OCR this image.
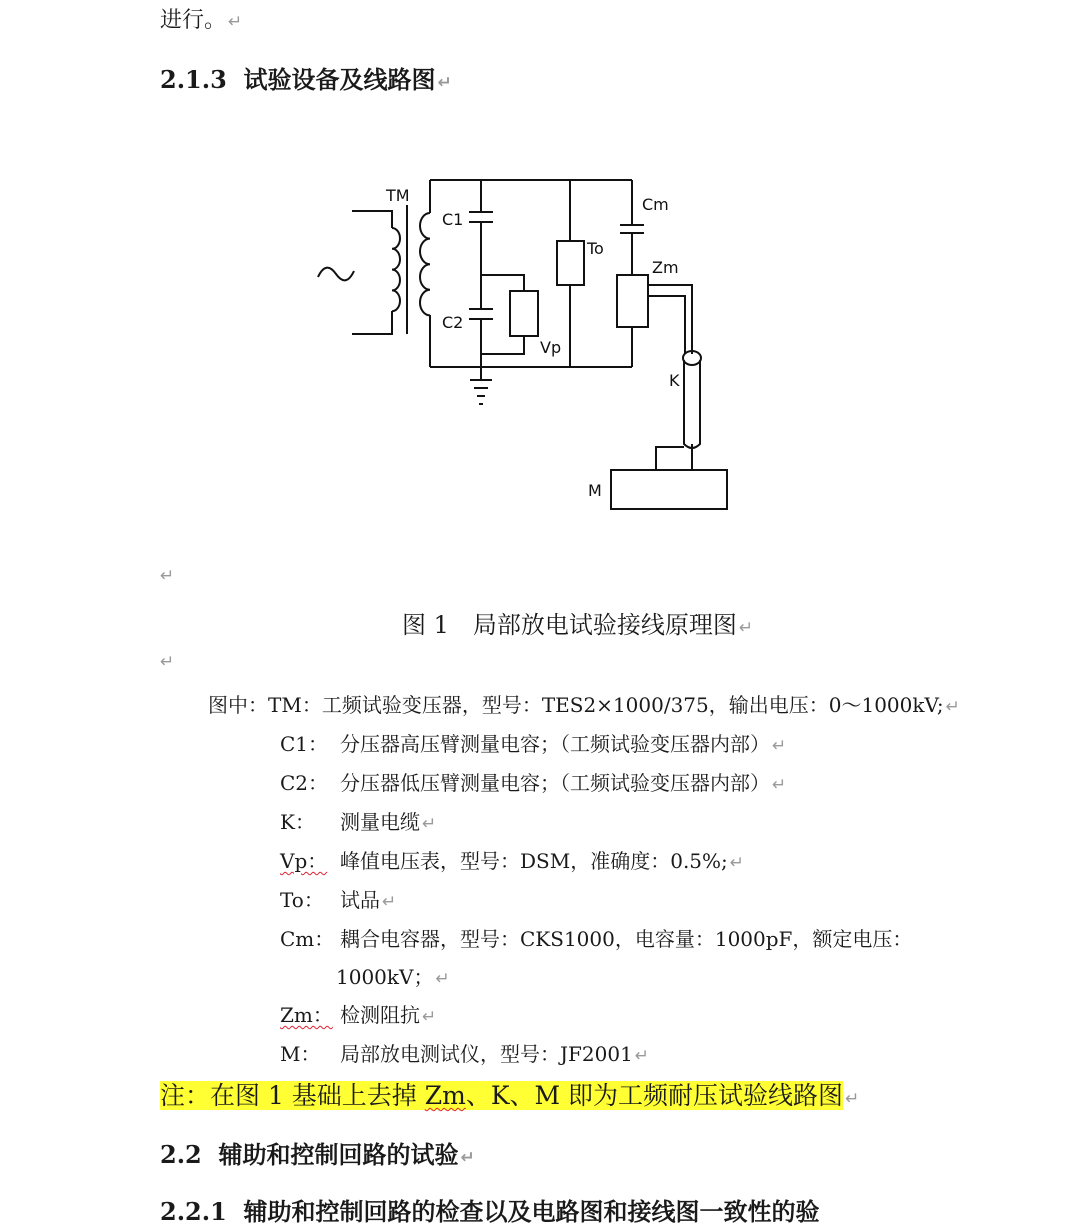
进行。 ↵
2.1.3 试验设备及线路图 ↵
TM
C1
C2
Vp
To
Cm
Zm
K
M
↵
图 1　局部放电试验接线原理图 ↵
↵
图中：TM：工频试验变压器，型号：TES2×1000/375，输出电压：0～1000kV; ↵
C1： 分压器高压臂测量电容；（工频试验变压器内部） ↵
C2： 分压器低压臂测量电容；（工频试验变压器内部） ↵
K： 测量电缆 ↵
Vp： 峰值电压表，型号：DSM，准确度：0.5%; ↵
To： 试品 ↵
Cm： 耦合电容器，型号：CKS1000，电容量：1000pF，额定电压：
1000kV； ↵
Zm： 检测阻抗 ↵
M： 局部放电测试仪，型号：JF2001 ↵
注：在图 1 基础上去掉 Zm、K、M 即为工频耐压试验线路图 ↵
2.2 辅助和控制回路的试验 ↵
2.2.1 辅助和控制回路的检查以及电路图和接线图一致性的验
